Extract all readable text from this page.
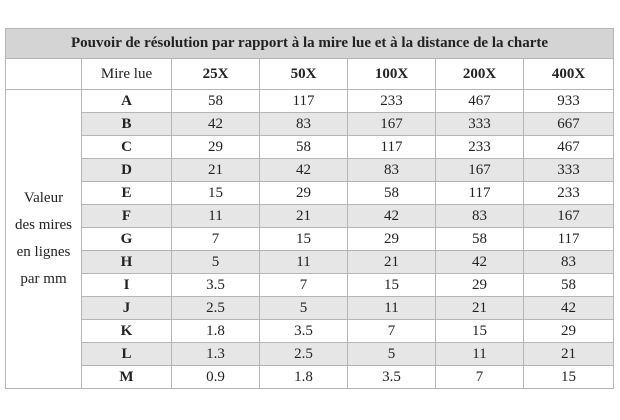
Pouvoir de résolution par rapport à la mire lue et à la distance de la charte						
	Mire lue	25X	50X	100X	200X	400X

Valeur
des mires
en lignes
par mm	A	58	117	233	467	933
	B	42	83	167	333	667
	C	29	58	117	233	467
	D	21	42	83	167	333
	E	15	29	58	117	233
	F	11	21	42	83	167
	G	7	15	29	58	117
	H	5	11	21	42	83
	I	3.5	7	15	29	58
	J	2.5	5	11	21	42
	K	1.8	3.5	7	15	29
	L	1.3	2.5	5	11	21
	M	0.9	1.8	3.5	7	15
